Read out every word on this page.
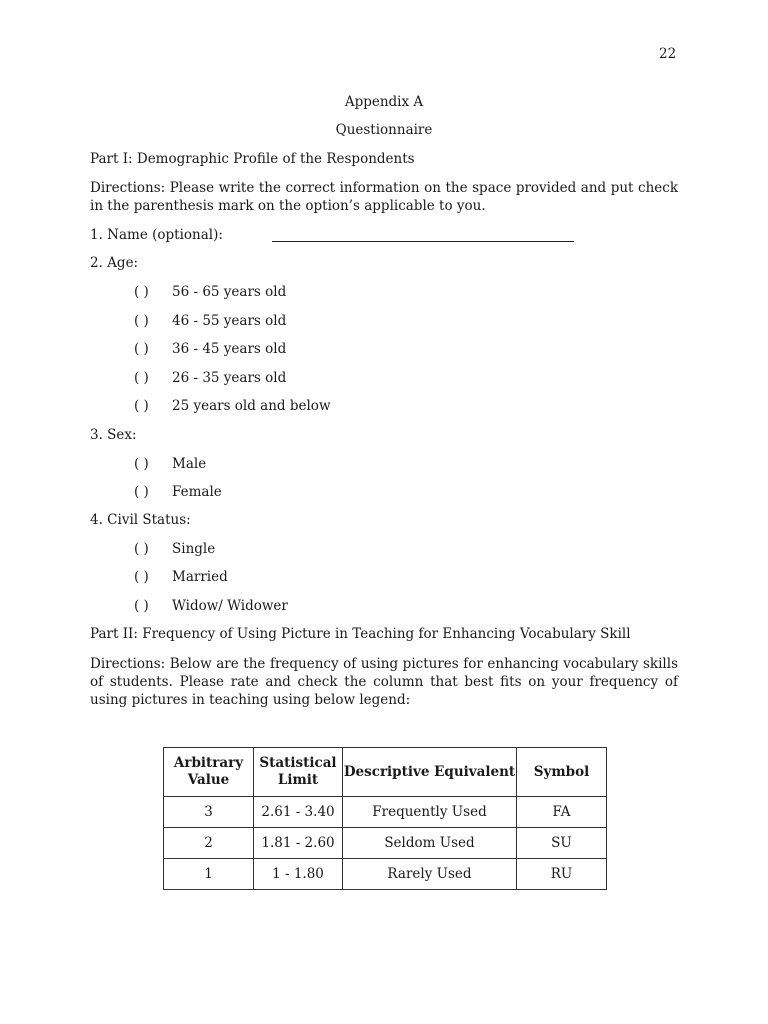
22
Appendix A
Questionnaire
Part I: Demographic Profile of the Respondents
Directions: Please write the correct information on the space provided and put check in the parenthesis mark on the option’s applicable to you.
1. Name (optional):
2. Age:
( ) 56 - 65 years old
( ) 46 - 55 years old
( ) 36 - 45 years old
( ) 26 - 35 years old
( ) 25 years old and below
3. Sex:
( ) Male
( ) Female
4. Civil Status:
( ) Single
( ) Married
( ) Widow/ Widower
Part II: Frequency of Using Picture in Teaching for Enhancing Vocabulary Skill
Directions: Below are the frequency of using pictures for enhancing vocabulary skills of students. Please rate and check the column that best fits on your frequency of using pictures in teaching using below legend:
Arbitrary Value	Statistical Limit	Descriptive Equivalent	Symbol
3	2.61 - 3.40	Frequently Used	FA
2	1.81 - 2.60	Seldom Used	SU
1	1 - 1.80	Rarely Used	RU
